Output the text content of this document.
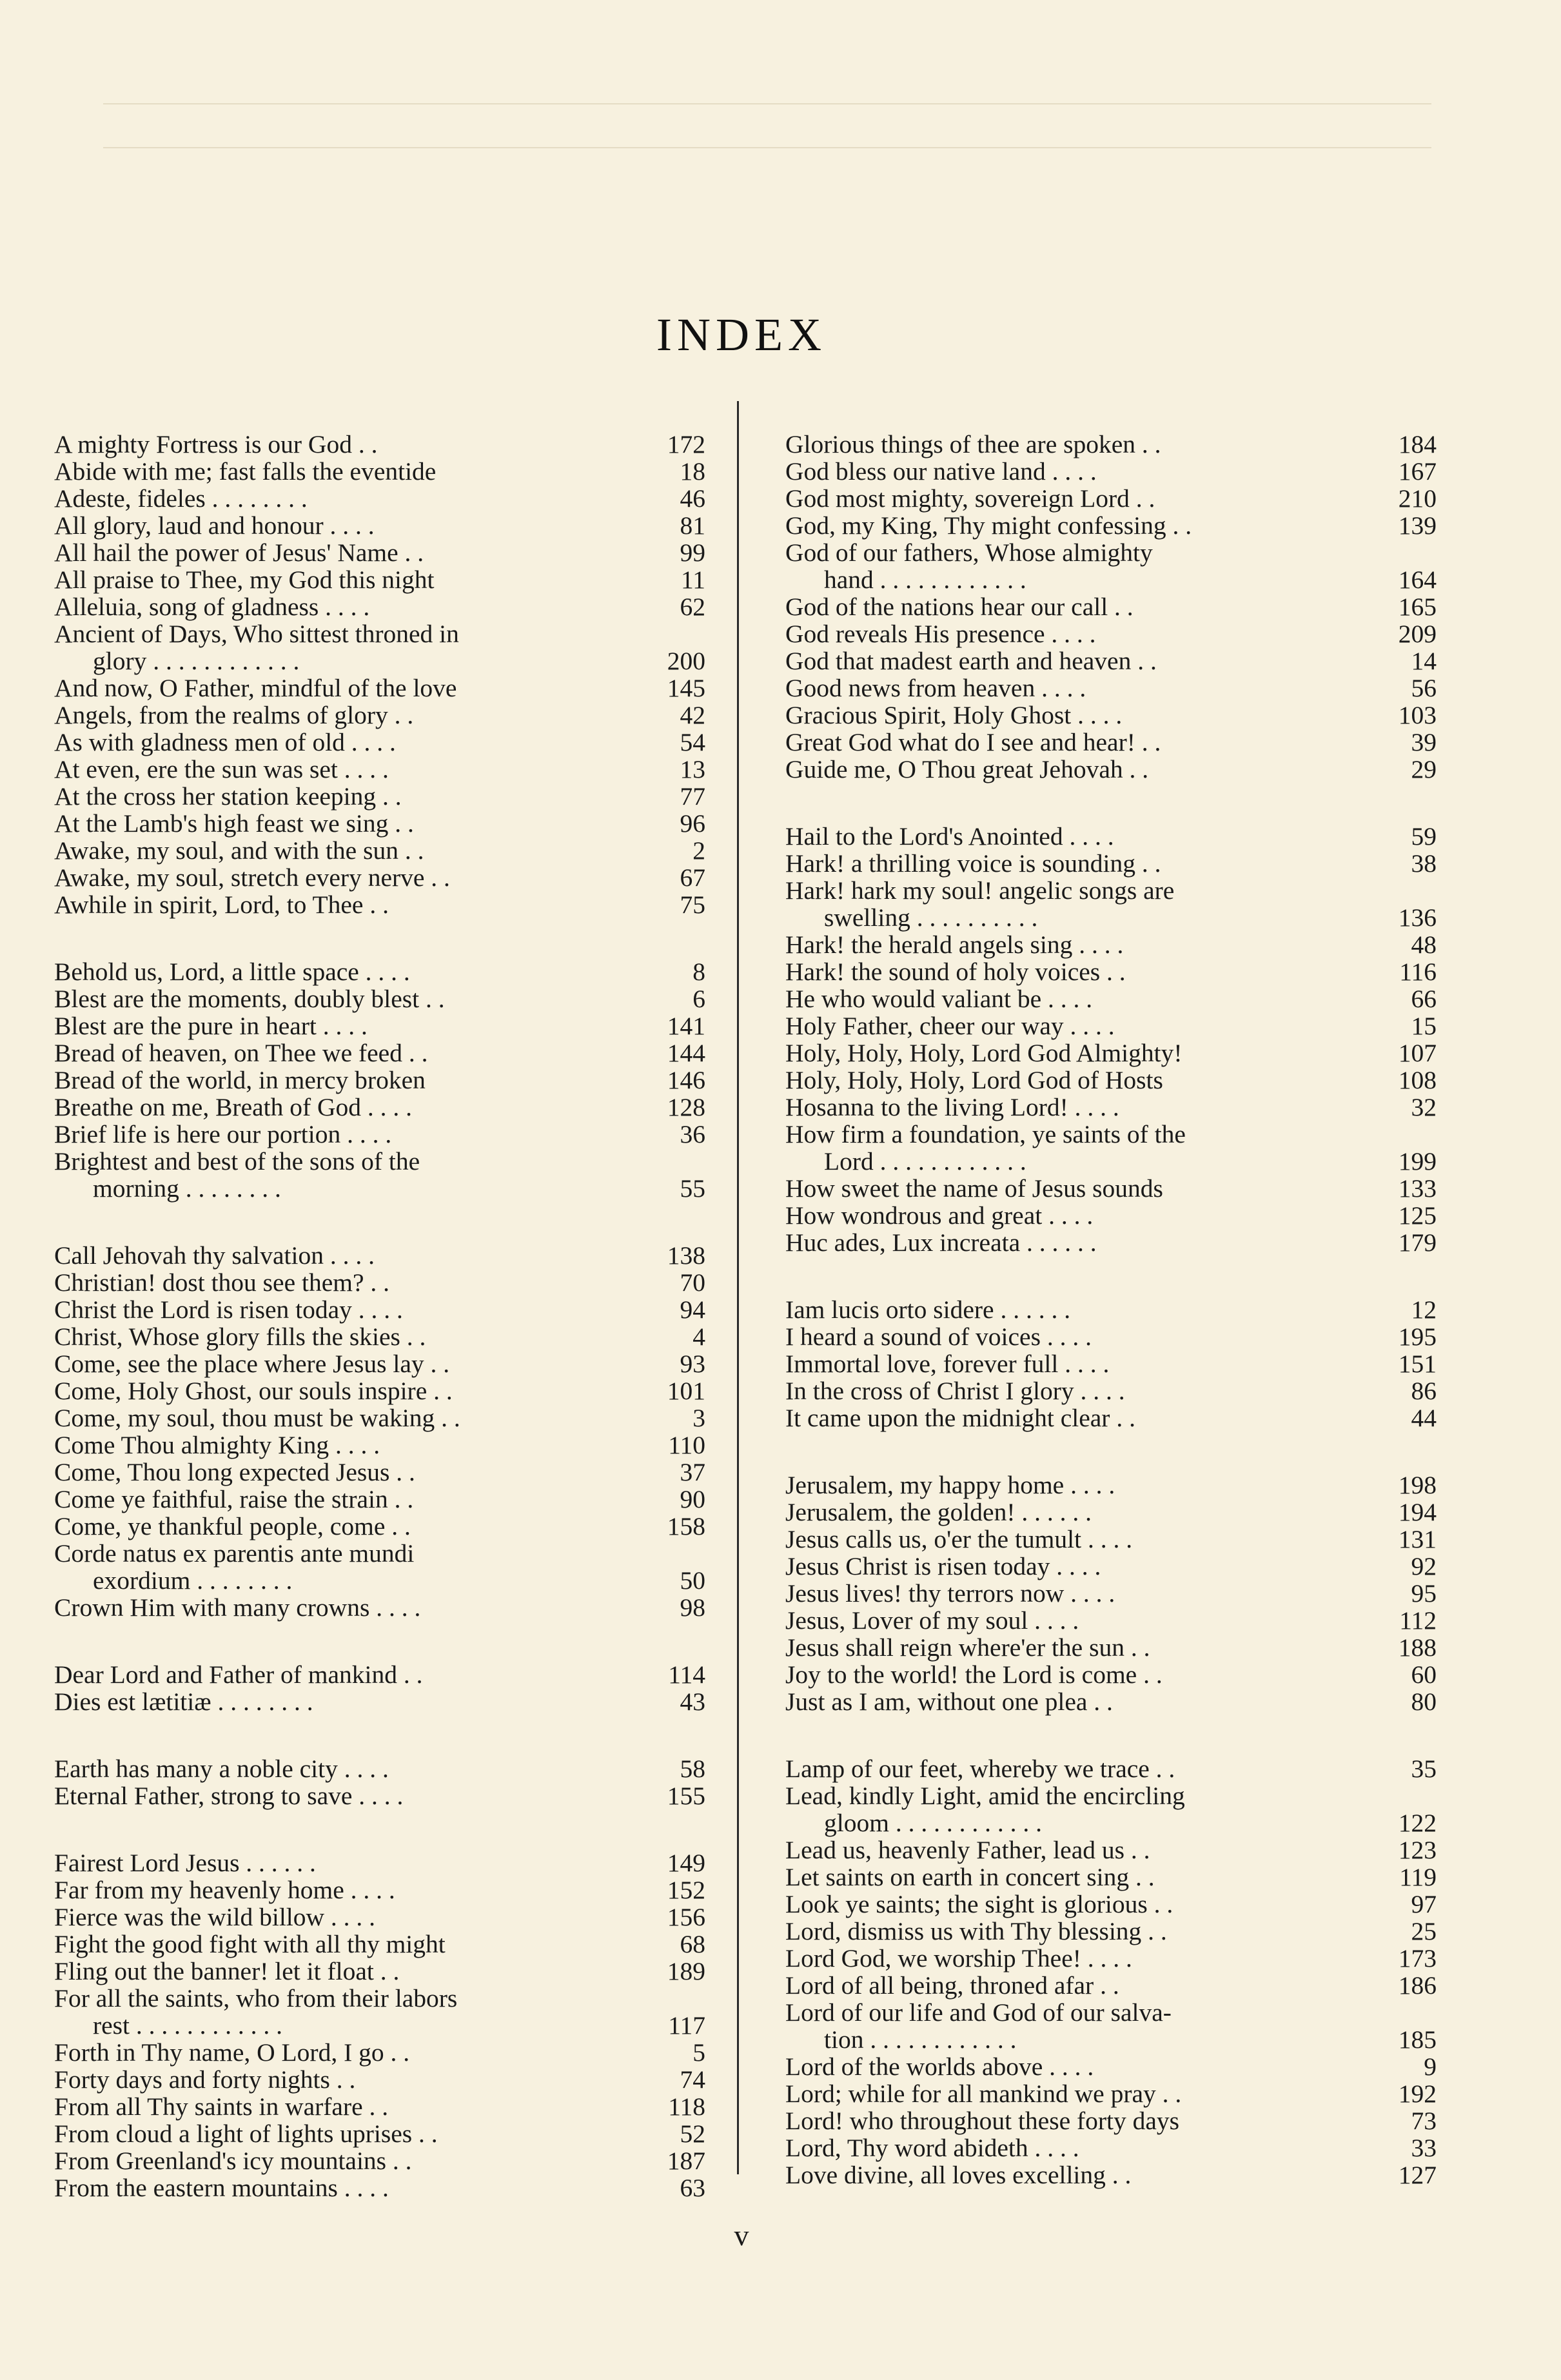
INDEX
A mighty Fortress is our God . .	172
Abide with me; fast falls the eventide	18
Adeste, fideles . . . . . . . .	46
All glory, laud and honour . . . .	81
All hail the power of Jesus' Name . .	99
All praise to Thee, my God this night	11
Alleluia, song of gladness . . . .	62
Ancient of Days, Who sittest throned in
glory . . . . . . . . . . . .	200
And now, O Father, mindful of the love	145
Angels, from the realms of glory . .	42
As with gladness men of old . . . .	54
At even, ere the sun was set . . . .	13
At the cross her station keeping . .	77
At the Lamb's high feast we sing . .	96
Awake, my soul, and with the sun . .	2
Awake, my soul, stretch every nerve . .	67
Awhile in spirit, Lord, to Thee . .	75
Behold us, Lord, a little space . . . .	8
Blest are the moments, doubly blest . .	6
Blest are the pure in heart . . . .	141
Bread of heaven, on Thee we feed . .	144
Bread of the world, in mercy broken	146
Breathe on me, Breath of God . . . .	128
Brief life is here our portion . . . .	36
Brightest and best of the sons of the
morning . . . . . . . .	55
Call Jehovah thy salvation . . . .	138
Christian! dost thou see them? . .	70
Christ the Lord is risen today . . . .	94
Christ, Whose glory fills the skies . .	4
Come, see the place where Jesus lay . .	93
Come, Holy Ghost, our souls inspire . .	101
Come, my soul, thou must be waking . .	3
Come Thou almighty King . . . .	110
Come, Thou long expected Jesus . .	37
Come ye faithful, raise the strain . .	90
Come, ye thankful people, come . .	158
Corde natus ex parentis ante mundi
exordium . . . . . . . .	50
Crown Him with many crowns . . . .	98
Dear Lord and Father of mankind . .	114
Dies est lætitiæ . . . . . . . .	43
Earth has many a noble city . . . .	58
Eternal Father, strong to save . . . .	155
Fairest Lord Jesus . . . . . .	149
Far from my heavenly home . . . .	152
Fierce was the wild billow . . . .	156
Fight the good fight with all thy might	68
Fling out the banner! let it float . .	189
For all the saints, who from their labors
rest . . . . . . . . . . . .	117
Forth in Thy name, O Lord, I go . .	5
Forty days and forty nights . .	74
From all Thy saints in warfare . .	118
From cloud a light of lights uprises . .	52
From Greenland's icy mountains . .	187
From the eastern mountains . . . .	63
Glorious things of thee are spoken . .	184
God bless our native land . . . .	167
God most mighty, sovereign Lord . .	210
God, my King, Thy might confessing . .	139
God of our fathers, Whose almighty
hand . . . . . . . . . . . .	164
God of the nations hear our call . .	165
God reveals His presence . . . .	209
God that madest earth and heaven . .	14
Good news from heaven . . . .	56
Gracious Spirit, Holy Ghost . . . .	103
Great God what do I see and hear! . .	39
Guide me, O Thou great Jehovah . .	29
Hail to the Lord's Anointed . . . .	59
Hark! a thrilling voice is sounding . .	38
Hark! hark my soul! angelic songs are
swelling . . . . . . . . . .	136
Hark! the herald angels sing . . . .	48
Hark! the sound of holy voices . .	116
He who would valiant be . . . .	66
Holy Father, cheer our way . . . .	15
Holy, Holy, Holy, Lord God Almighty!	107
Holy, Holy, Holy, Lord God of Hosts	108
Hosanna to the living Lord! . . . .	32
How firm a foundation, ye saints of the
Lord . . . . . . . . . . . .	199
How sweet the name of Jesus sounds	133
How wondrous and great . . . .	125
Huc ades, Lux increata . . . . . .	179
Iam lucis orto sidere . . . . . .	12
I heard a sound of voices . . . .	195
Immortal love, forever full . . . .	151
In the cross of Christ I glory . . . .	86
It came upon the midnight clear . .	44
Jerusalem, my happy home . . . .	198
Jerusalem, the golden! . . . . . .	194
Jesus calls us, o'er the tumult . . . .	131
Jesus Christ is risen today . . . .	92
Jesus lives! thy terrors now . . . .	95
Jesus, Lover of my soul . . . .	112
Jesus shall reign where'er the sun . .	188
Joy to the world! the Lord is come . .	60
Just as I am, without one plea . .	80
Lamp of our feet, whereby we trace . .	35
Lead, kindly Light, amid the encircling
gloom . . . . . . . . . . . .	122
Lead us, heavenly Father, lead us . .	123
Let saints on earth in concert sing . .	119
Look ye saints; the sight is glorious . .	97
Lord, dismiss us with Thy blessing . .	25
Lord God, we worship Thee! . . . .	173
Lord of all being, throned afar . .	186
Lord of our life and God of our salva-
tion . . . . . . . . . . . .	185
Lord of the worlds above . . . .	9
Lord; while for all mankind we pray . .	192
Lord! who throughout these forty days	73
Lord, Thy word abideth . . . .	33
Love divine, all loves excelling . .	127
v
